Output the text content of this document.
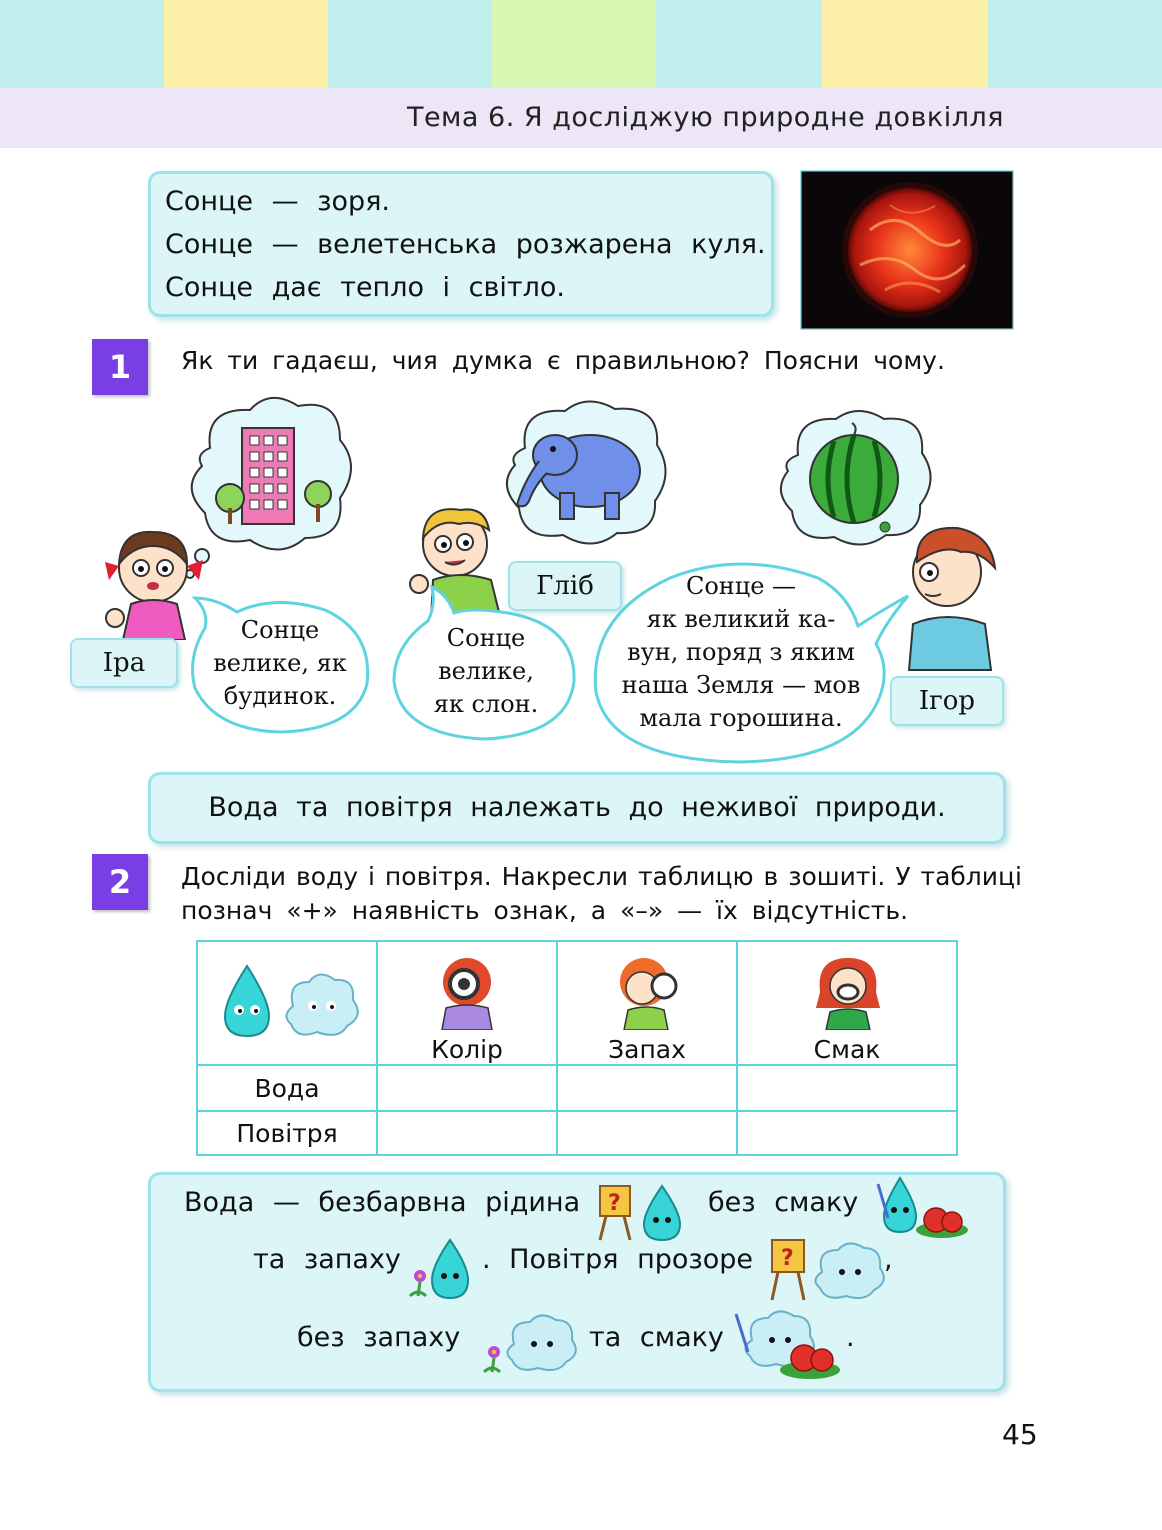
Тема 6. Я досліджую природне довкілля
Сонце — зоря.
Сонце — велетенська розжарена куля.
Сонце дає тепло і світло.
1	Як ти гадаєш, чия думка є правильною? Поясни чому.
Сонце
велике, як
будинок.
Сонце
велике,
як слон.
Сонце —
як великий ка-
вун, поряд з яким
наша Земля — мов
мала горошина.
Іра
Гліб
Ігор
Вода та повітря належать до неживої природи.
2	Досліди воду і повітря. Накресли таблицю в зошиті. У таблиці
познач «+» наявність ознак, а «–» — їх відсутність.

Колір	Запах	Смак

Вода			
Повітря			
Вода — безбарвна рідина ?	без смаку
та запаху	. Повітря прозоре ?	,
без запаху	та смаку	.
45
